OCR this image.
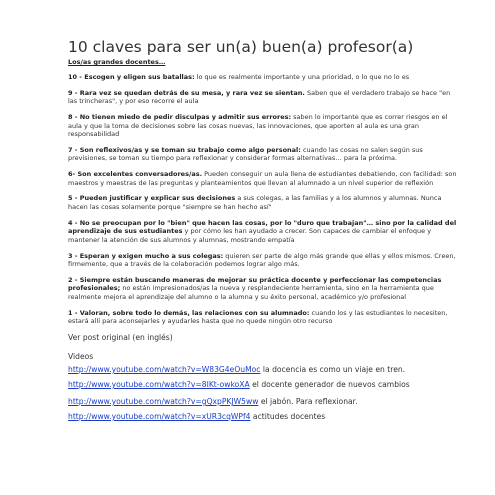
10 claves para ser un(a) buen(a) profesor(a)

Los/as grandes docentes…

10 - Escogen y eligen sus batallas: lo que es realmente importante y una prioridad, o lo que no lo es

9 - Rara vez se quedan detrás de su mesa, y rara vez se sientan. Saben que el verdadero trabajo se hace "en las trincheras", y por eso recorre el aula

8 - No tienen miedo de pedir disculpas y admitir sus errores: saben lo importante que es correr riesgos en el aula y que la toma de decisiones sobre las cosas nuevas, las innovaciones, que aporten al aula es una gran responsabilidad

7 - Son reflexivos/as y se toman su trabajo como algo personal: cuando las cosas no salen según sus previsiones, se toman su tiempo para reflexionar y considerar formas alternativas… para la próxima.

6- Son excelentes conversadores/as. Pueden conseguir un aula llena de estudiantes debatiendo, con facilidad: son maestros y maestras de las preguntas y planteamientos que llevan al alumnado a un nivel superior de reflexión

5 - Pueden justificar y explicar sus decisiones a sus colegas, a las familias y a los alumnos y alumnas. Nunca hacen las cosas solamente porque "siempre se han hecho así"

4 - No se preocupan por lo "bien" que hacen las cosas, por lo "duro que trabajan"… sino por la calidad del aprendizaje de sus estudiantes y por cómo les han ayudado a crecer. Son capaces de cambiar el enfoque y mantener la atención de sus alumnos y alumnas, mostrando empatía

3 - Esperan y exigen mucho a sus colegas: quieren ser parte de algo más grande que ellas y ellos mismos. Creen, firmemente, que a través de la colaboración podemos lograr algo más.

2 - Siempre están buscando maneras de mejorar su práctica docente y perfeccionar las competencias profesionales; no están impresionados/as la nueva y resplandeciente herramienta, sino en la herramienta que realmente mejora el aprendizaje del alumno o la alumna y su éxito personal, académico y/o profesional

1 - Valoran, sobre todo lo demás, las relaciones con su alumnado: cuando los y las estudiantes lo necesiten, estará allí para aconsejarles y ayudarles hasta que no quede ningún otro recurso

Ver post original (en inglés)

Videos

http://www.youtube.com/watch?v=W83G4eOuMoc la docencia es como un viaje en tren.
http://www.youtube.com/watch?v=8IKt-owkoXA el docente generador de nuevos cambios
http://www.youtube.com/watch?v=gQxpPKJW5ww el jabón. Para reflexionar.
http://www.youtube.com/watch?v=xUR3cqWPf4 actitudes docentes
